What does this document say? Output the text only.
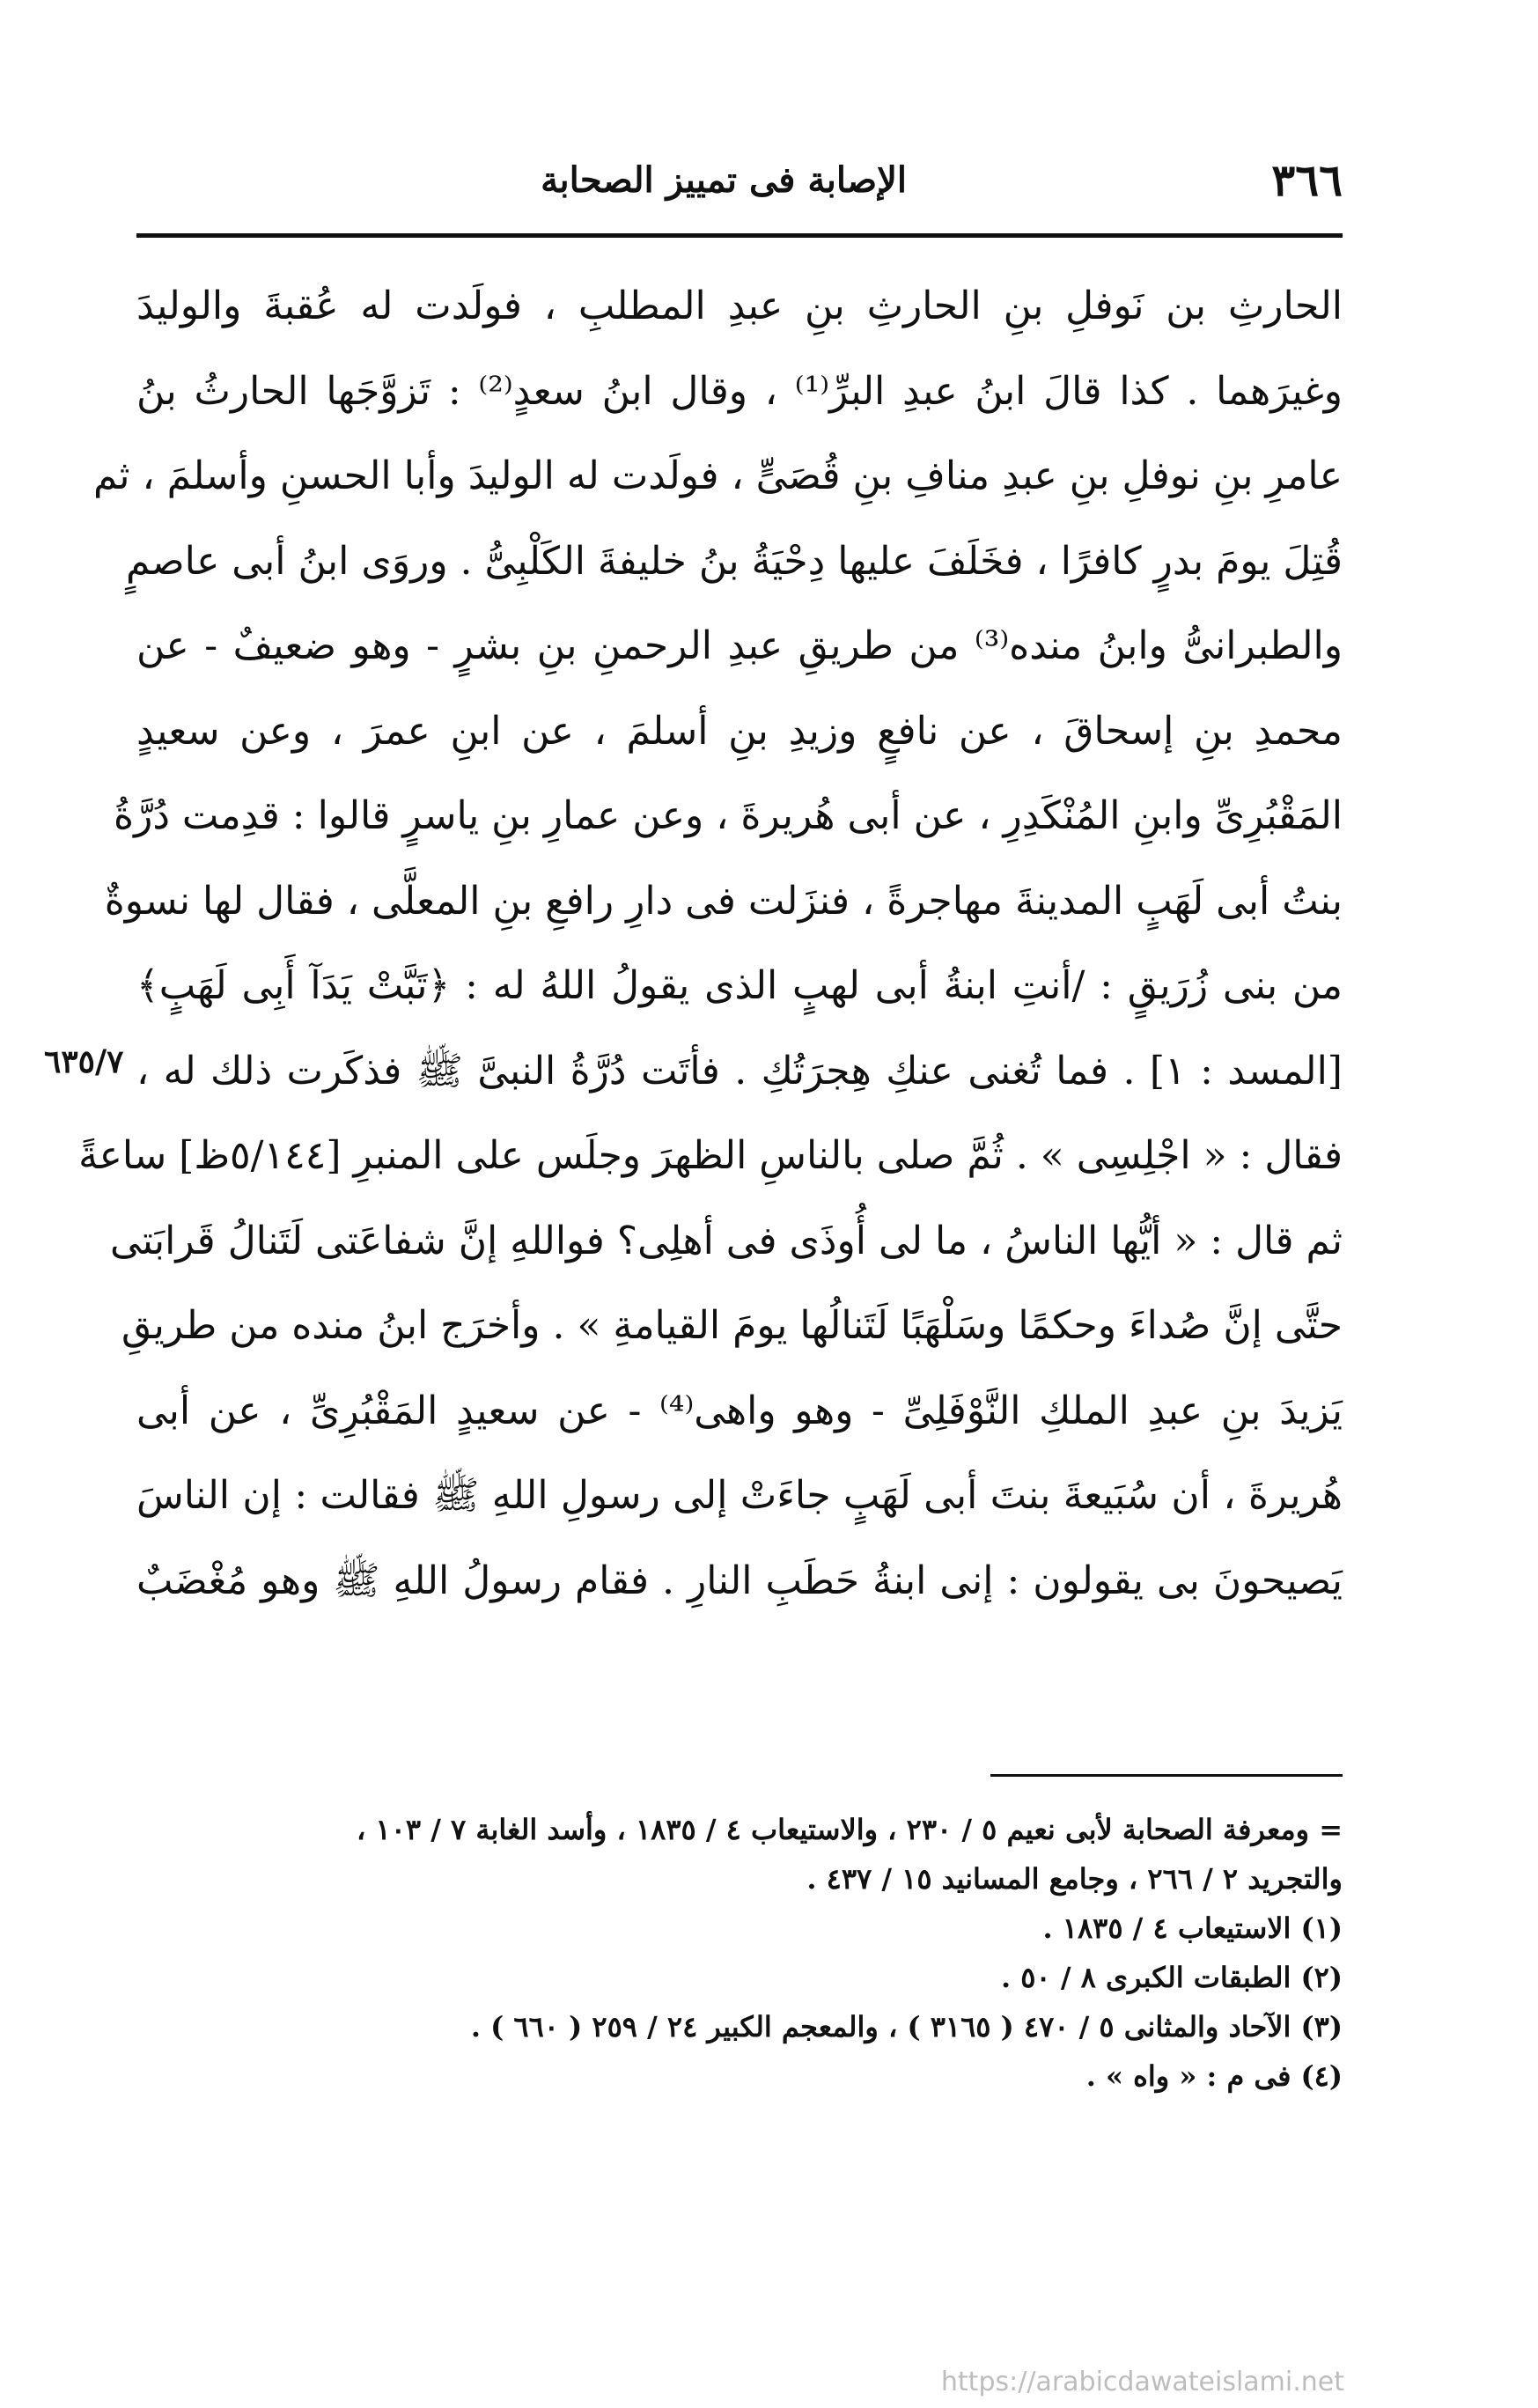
٣٦٦
الإصابة فى تمييز الصحابة
الحارثِ بن نَوفلِ بنِ الحارثِ بنِ عبدِ المطلبِ ، فولَدت له عُقبةَ والوليدَ
وغيرَهما . كذا قالَ ابنُ عبدِ البرِّ⁽¹⁾ ، وقال ابنُ سعدٍ⁽²⁾ : تَزوَّجَها الحارثُ بنُ
عامرِ بنِ نوفلِ بنِ عبدِ منافِ بنِ قُصَىٍّ ، فولَدت له الوليدَ وأبا الحسنِ وأسلمَ ، ثم
قُتِلَ يومَ بدرٍ كافرًا ، فخَلَفَ عليها دِحْيَةُ بنُ خليفةَ الكَلْبِىُّ . وروَى ابنُ أبى عاصمٍ
والطبرانىُّ وابنُ منده⁽³⁾ من طريقِ عبدِ الرحمنِ بنِ بشرٍ - وهو ضعيفٌ - عن
محمدِ بنِ إسحاقَ ، عن نافعٍ وزيدِ بنِ أسلمَ ، عن ابنِ عمرَ ، وعن سعيدٍ
المَقْبُرِىِّ وابنِ المُنْكَدِرِ ، عن أبى هُريرةَ ، وعن عمارِ بنِ ياسرٍ قالوا : قدِمت دُرَّةُ
بنتُ أبى لَهَبٍ المدينةَ مهاجرةً ، فنزَلت فى دارِ رافعِ بنِ المعلَّى ، فقال لها نسوةٌ
من بنى زُرَيقٍ : /أنتِ ابنةُ أبى لهبٍ الذى يقولُ اللهُ له : ﴿تَبَّتْ يَدَآ أَبِى لَهَبٍ﴾
[المسد : ١] . فما تُغنى عنكِ هِجرَتُكِ . فأتَت دُرَّةُ النبىَّ ﷺ فذكَرت ذلك له ،
فقال : « اجْلِسِى » . ثُمَّ صلى بالناسِ الظهرَ وجلَس على المنبرِ [٥/١٤٤ظ] ساعةً
ثم قال : « أيُّها الناسُ ، ما لى أُوذَى فى أهلِى؟ فواللهِ إنَّ شفاعَتى لَتَنالُ قَرابَتى
حتَّى إنَّ صُداءَ وحكمًا وسَلْهَبًا لَتَنالُها يومَ القيامةِ » . وأخرَج ابنُ منده من طريقِ
يَزيدَ بنِ عبدِ الملكِ النَّوْفَلِىِّ - وهو واهى⁽⁴⁾ - عن سعيدٍ المَقْبُرِىِّ ، عن أبى
هُريرةَ ، أن سُبَيعةَ بنتَ أبى لَهَبٍ جاءَتْ إلى رسولِ اللهِ ﷺ فقالت : إن الناسَ
يَصيحونَ بى يقولون : إنى ابنةُ حَطَبِ النارِ . فقام رسولُ اللهِ ﷺ وهو مُغْضَبٌ
٦٣٥/٧
= ومعرفة الصحابة لأبى نعيم ٥ / ٢٣٠ ، والاستيعاب ٤ / ١٨٣٥ ، وأسد الغابة ٧ / ١٠٣ ،
والتجريد ٢ / ٢٦٦ ، وجامع المسانيد ١٥ / ٤٣٧ .
(١) الاستيعاب ٤ / ١٨٣٥ .
(٢) الطبقات الكبرى ٨ / ٥٠ .
(٣) الآحاد والمثانى ٥ / ٤٧٠ ( ٣١٦٥ ) ، والمعجم الكبير ٢٤ / ٢٥٩ ( ٦٦٠ ) .
(٤) فى م : « واه » .
https://arabicdawateislami.net
